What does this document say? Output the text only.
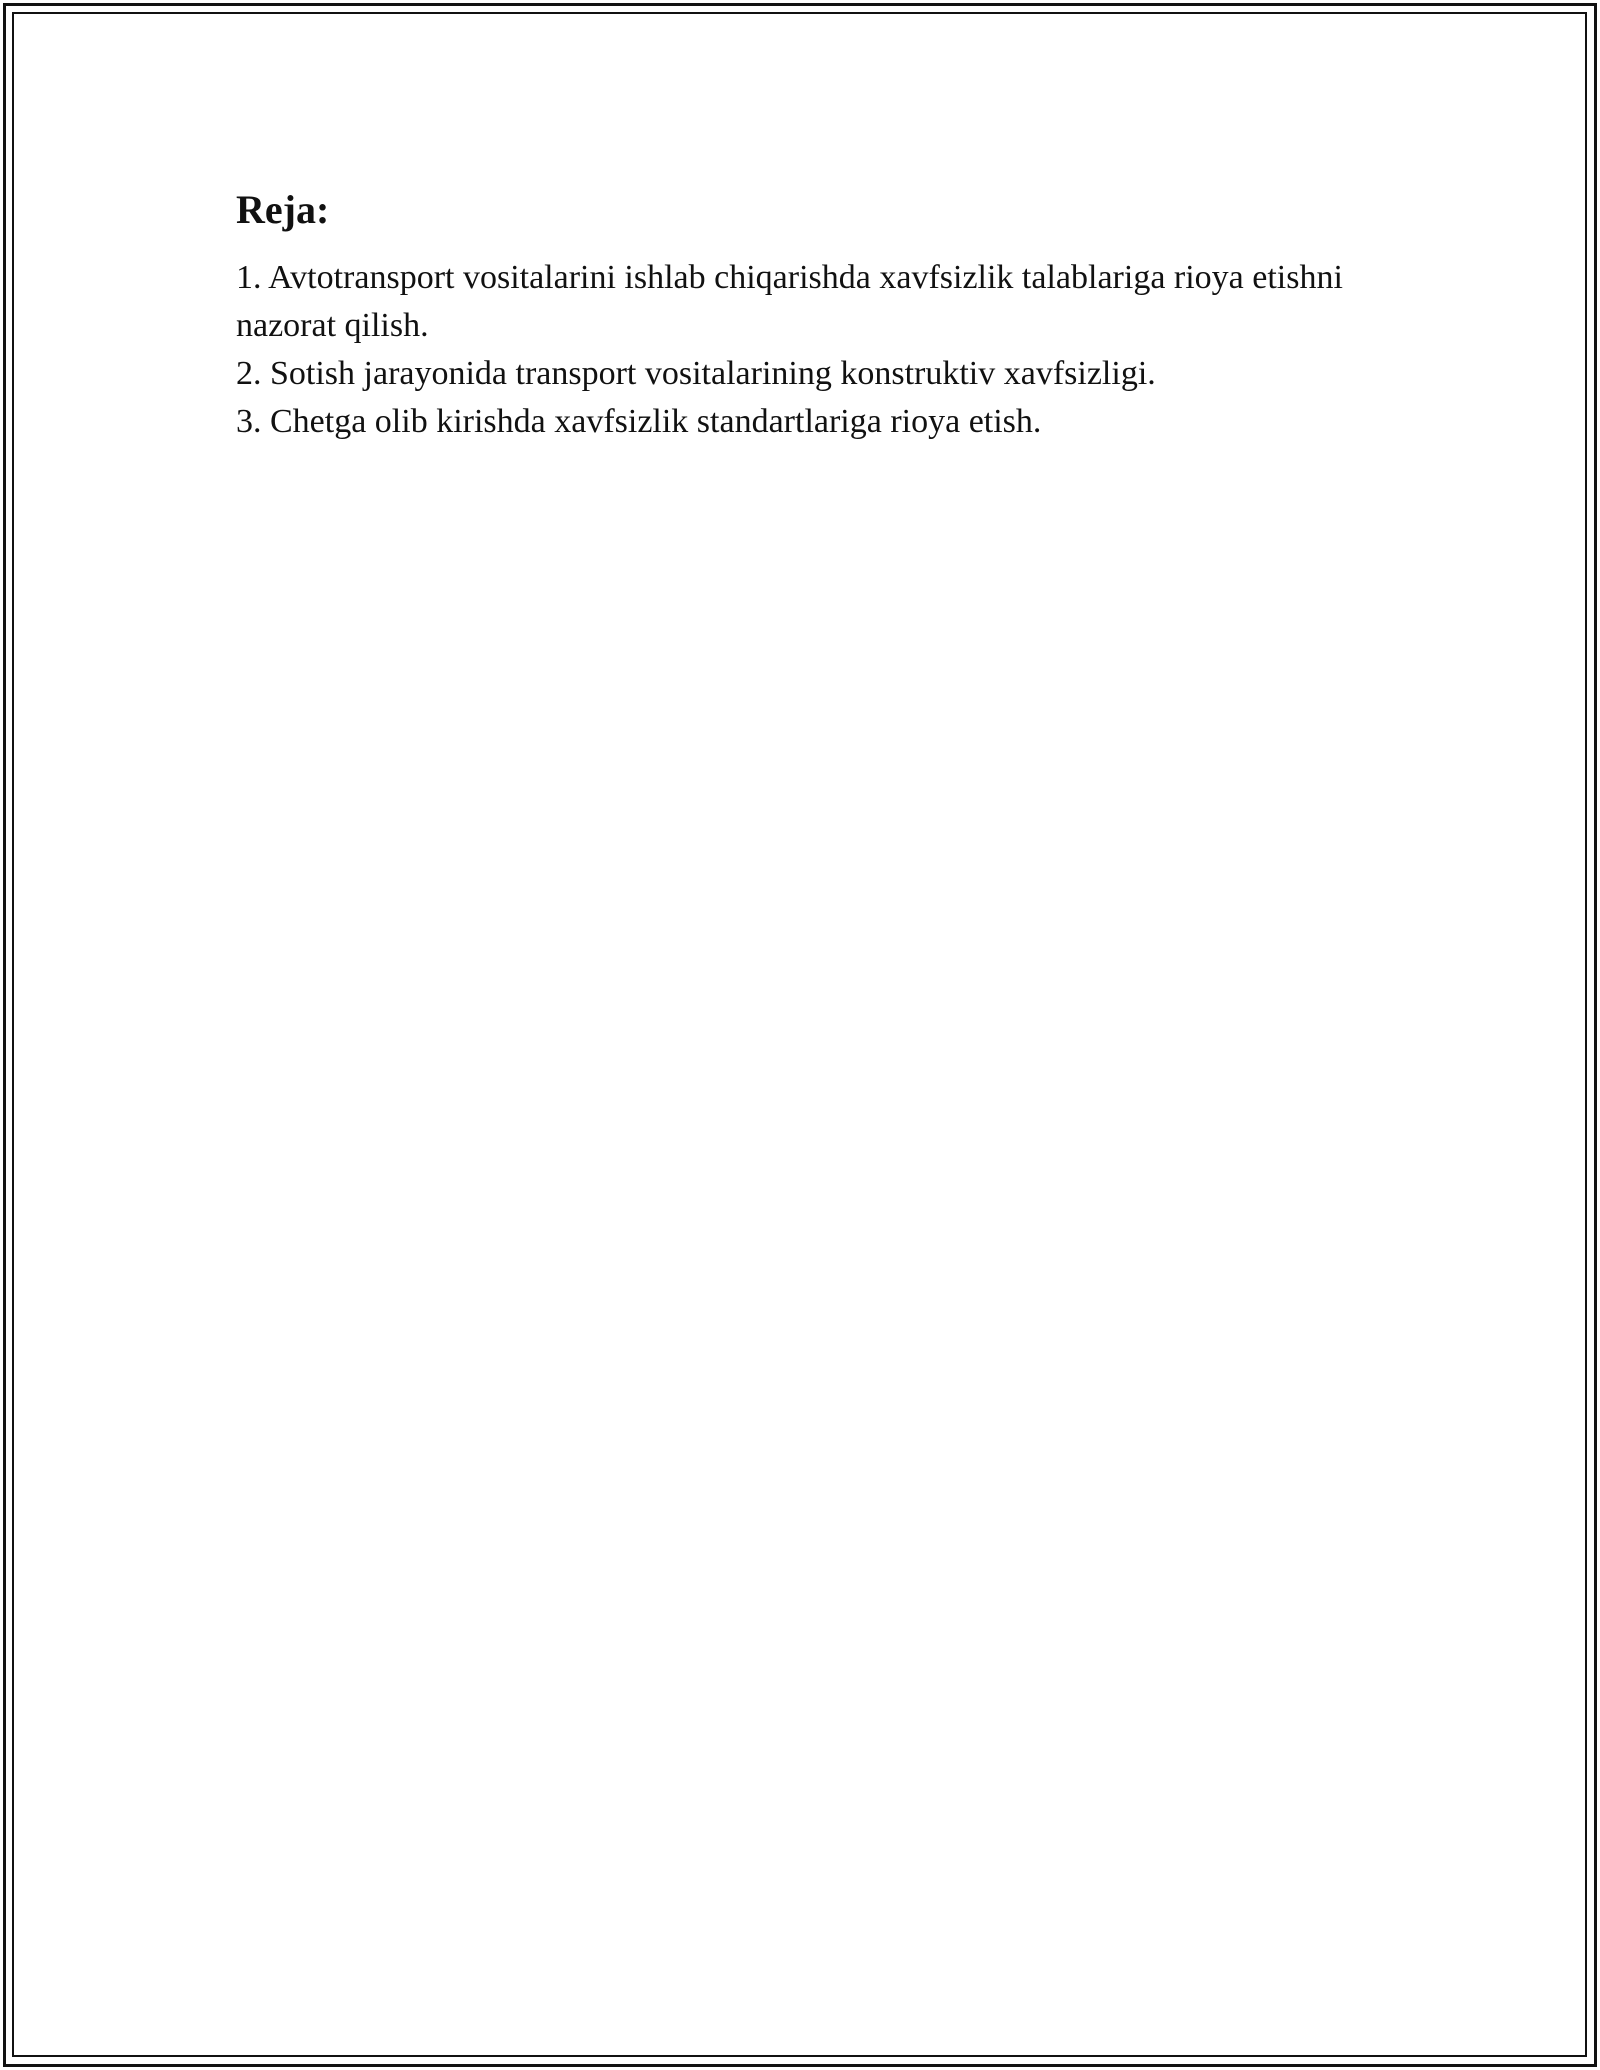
Reja:
1. Avtotransport vositalarini ishlab chiqarishda xavfsizlik talablariga rioya etishni nazorat qilish.
2. Sotish jarayonida transport vositalarining konstruktiv xavfsizligi.
3. Chetga olib kirishda xavfsizlik standartlariga rioya etish.
